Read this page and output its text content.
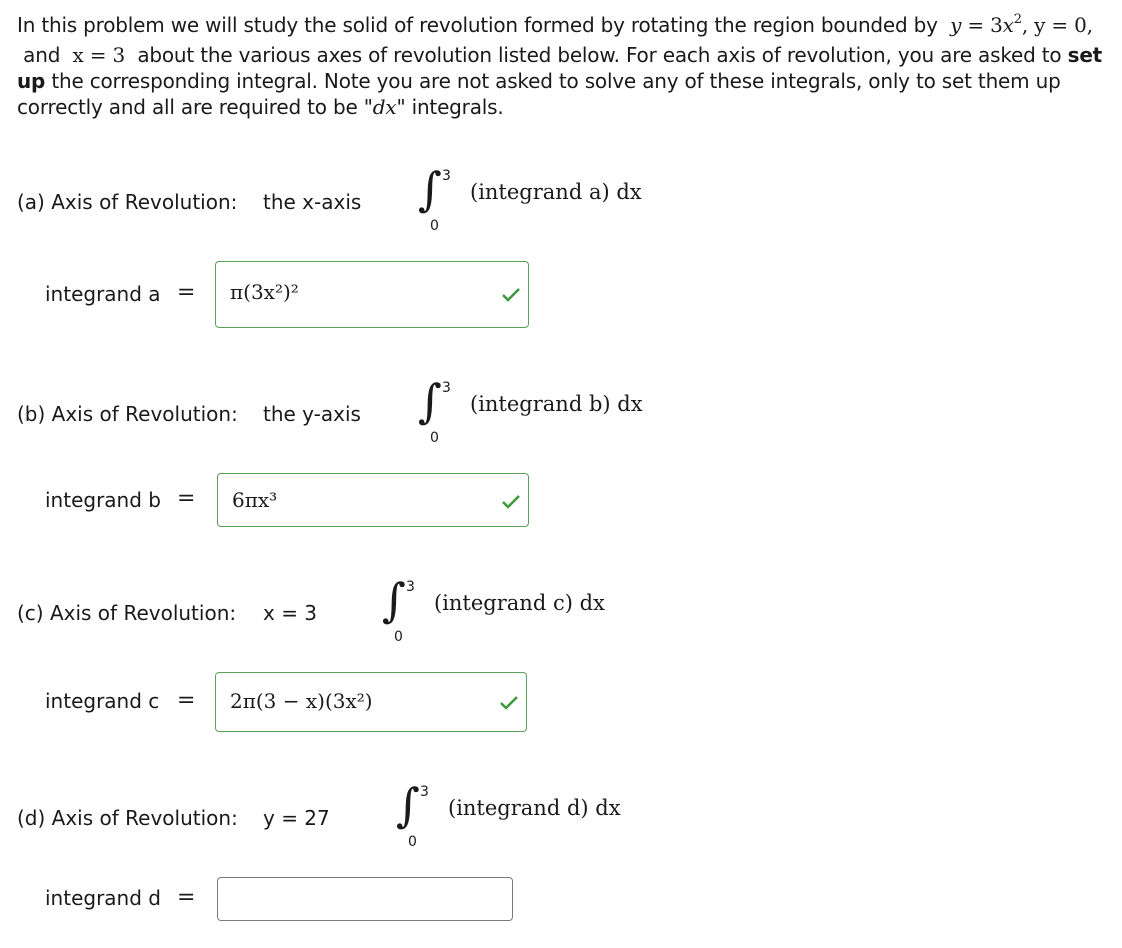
In this problem we will study the solid of revolution formed by rotating the region bounded by $y = 3x^2$, y = 0,  and x = 3 about the various axes of revolution listed below. For each axis of revolution, you are asked to set up the corresponding integral. Note you are not asked to solve any of these integrals, only to set them up correctly and all are required to be "dx" integrals.
(a) Axis of Revolution: the x-axis ∫ 3
0
(integrand a) dx
integrand a = π(3x²)²
(b) Axis of Revolution: the y-axis ∫ 3
0
(integrand b) dx
integrand b = 6πx³
(c) Axis of Revolution: x = 3 ∫ 3
0
(integrand c) dx
integrand c = 2π(3 − x)(3x²)
(d) Axis of Revolution: y = 27 ∫ 3
0
(integrand d) dx
integrand d =
